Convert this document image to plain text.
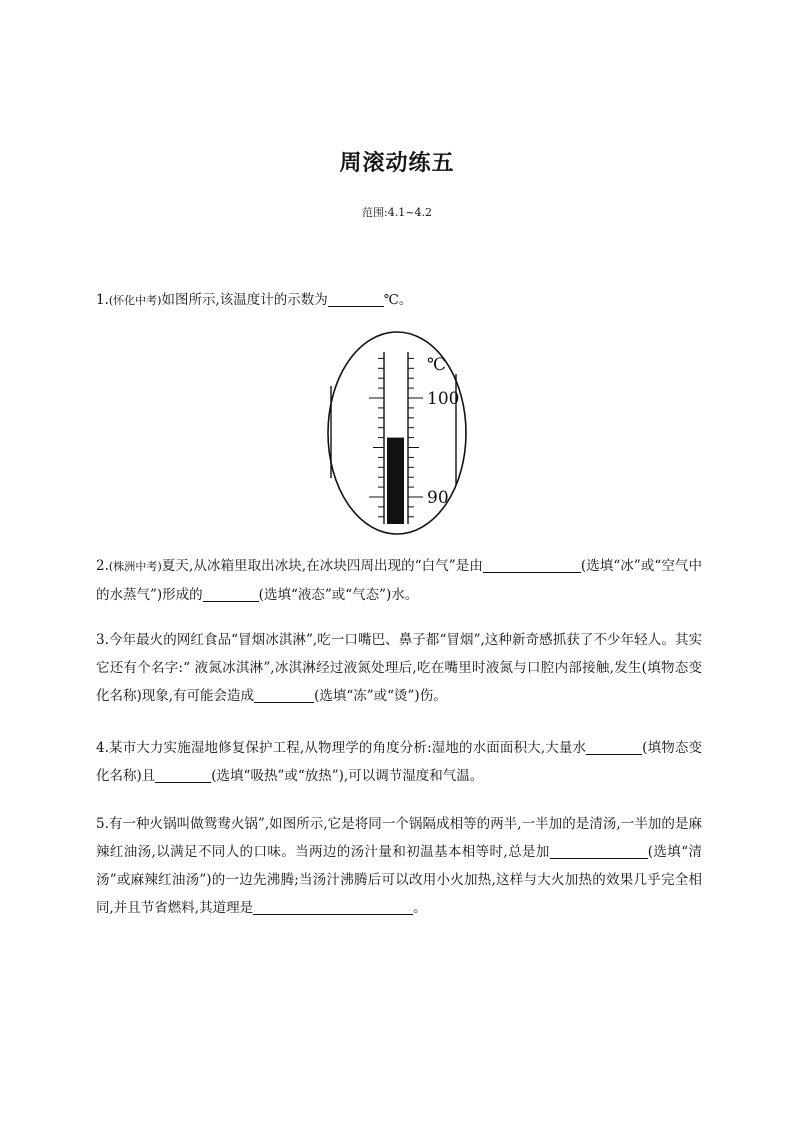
周滚动练五
范围:4.1~4.2
1.(怀化中考)如图所示,该温度计的示数为	℃。
℃
100
90
2.(株洲中考)夏天,从冰箱里取出冰块,在冰块四周出现的“白气”是由	(选填“冰”或“空气中的水蒸气”)形成的	(选填“液态”或“气态”)水。
3.今年最火的网红食品“冒烟冰淇淋”,吃一口嘴巴、鼻子都“冒烟”,这种新奇感抓获了不少年轻人。其实它还有个名字:“ 液氮冰淇淋”,冰淇淋经过液氮处理后,吃在嘴里时液氮与口腔内部接触,发生(填物态变化名称)现象,有可能会造成	(选填“冻”或“烫”)伤。
4.某市大力实施湿地修复保护工程,从物理学的角度分析:湿地的水面面积大,大量水	(填物态变化名称)且	(选填“吸热”或“放热”),可以调节湿度和气温。
5.有一种火锅叫做鸳鸯火锅”,如图所示,它是将同一个锅隔成相等的两半,一半加的是清汤,一半加的是麻辣红油汤,以满足不同人的口味。当两边的汤汁量和初温基本相等时,总是加	(选填“清汤”或麻辣红油汤”)的一边先沸腾;当汤汁沸腾后可以改用小火加热,这样与大火加热的效果几乎完全相同,并且节省燃料,其道理是	。
